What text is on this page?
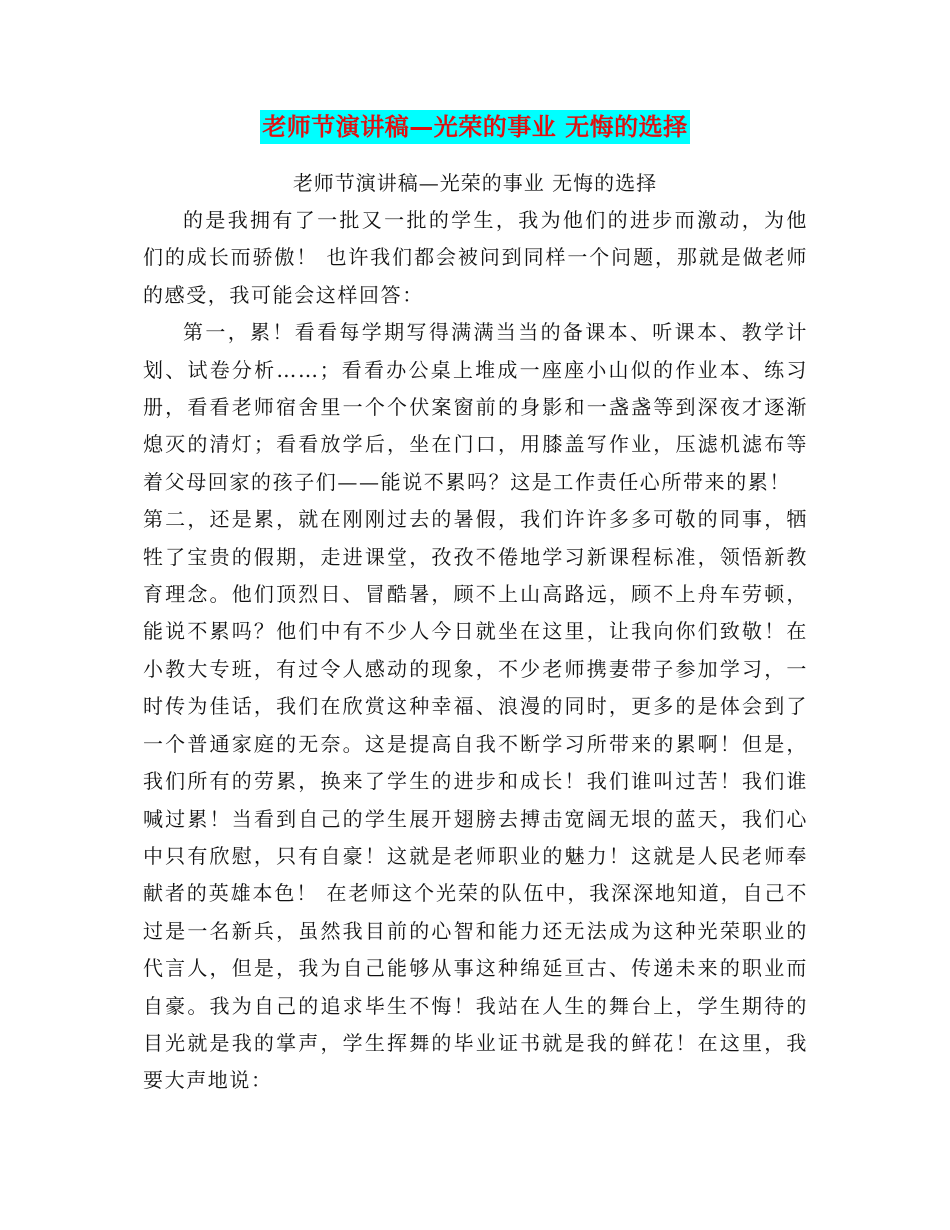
老师节演讲稿—光荣的事业 无悔的选择
老师节演讲稿—光荣的事业 无悔的选择

的是我拥有了一批又一批的学生，我为他们的进步而激动，为他们的成长而骄傲！ 也许我们都会被问到同样一个问题，那就是做老师的感受，我可能会这样回答：

第一，累！看看每学期写得满满当当的备课本、听课本、教学计划、试卷分析……；看看办公桌上堆成一座座小山似的作业本、练习册，看看老师宿舍里一个个伏案窗前的身影和一盏盏等到深夜才逐渐熄灭的清灯；看看放学后，坐在门口，用膝盖写作业，压滤机滤布等着父母回家的孩子们——能说不累吗？这是工作责任心所带来的累！

第二，还是累，就在刚刚过去的暑假，我们许许多多可敬的同事，牺牲了宝贵的假期，走进课堂，孜孜不倦地学习新课程标准，领悟新教育理念。他们顶烈日、冒酷暑，顾不上山高路远，顾不上舟车劳顿，能说不累吗？他们中有不少人今日就坐在这里，让我向你们致敬！在小教大专班，有过令人感动的现象，不少老师携妻带子参加学习，一时传为佳话，我们在欣赏这种幸福、浪漫的同时，更多的是体会到了一个普通家庭的无奈。这是提高自我不断学习所带来的累啊！但是，我们所有的劳累，换来了学生的进步和成长！我们谁叫过苦！我们谁喊过累！当看到自己的学生展开翅膀去搏击宽阔无垠的蓝天，我们心中只有欣慰，只有自豪！这就是老师职业的魅力！这就是人民老师奉献者的英雄本色！ 在老师这个光荣的队伍中，我深深地知道，自己不过是一名新兵，虽然我目前的心智和能力还无法成为这种光荣职业的代言人，但是，我为自己能够从事这种绵延亘古、传递未来的职业而自豪。我为自己的追求毕生不悔！我站在人生的舞台上，学生期待的目光就是我的掌声，学生挥舞的毕业证书就是我的鲜花！在这里，我要大声地说：
